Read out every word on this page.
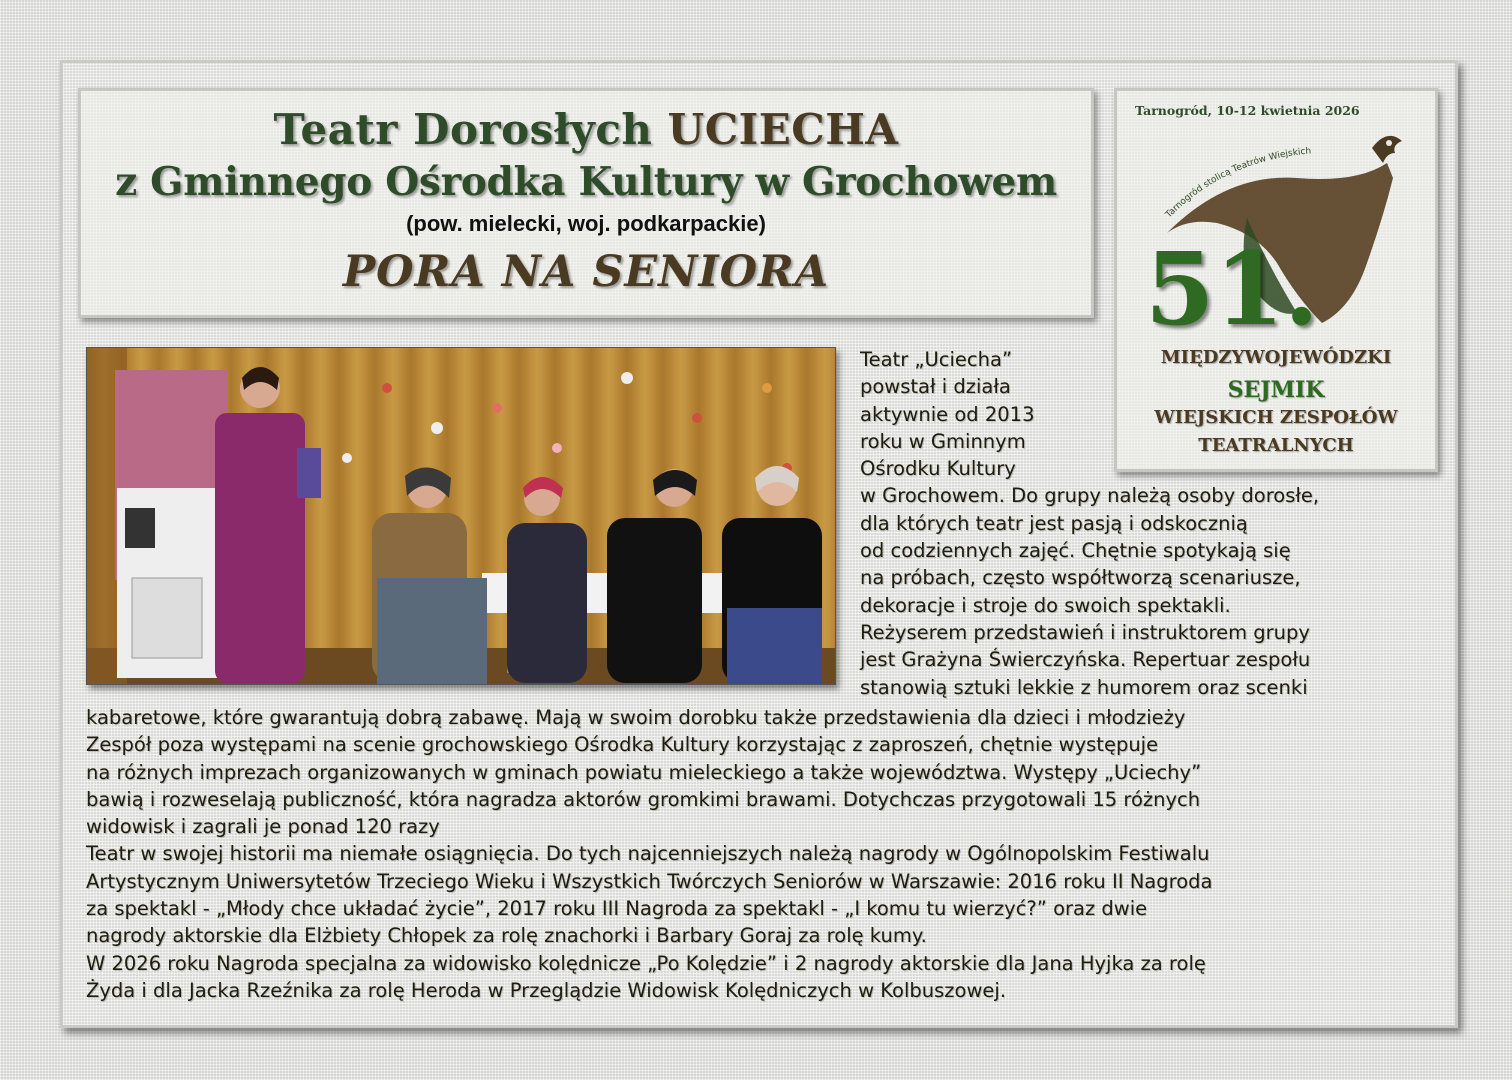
Teatr Dorosłych UCIECHA
z Gminnego Ośrodka Kultury w Grochowem
(pow. mielecki, woj. podkarpackie)
PORA NA SENIORA
Tarnogród, 10-12 kwietnia 2026
Tarnogród stolicą Teatrów Wiejskich
51.
MIĘDZYWOJEWÓDZKI
SEJMIK
WIEJSKICH ZESPOŁÓW
TEATRALNYCH
Teatr „Uciecha”
powstał i działa
aktywnie od 2013
roku w Gminnym
Ośrodku Kultury
w Grochowem. Do grupy należą osoby dorosłe,
dla których teatr jest pasją i odskocznią
od codziennych zajęć. Chętnie spotykają się
na próbach, często współtworzą scenariusze,
dekoracje i stroje do swoich spektakli.
Reżyserem przedstawień i instruktorem grupy
jest Grażyna Świerczyńska. Repertuar zespołu
stanowią sztuki lekkie z humorem oraz scenki
kabaretowe, które gwarantują dobrą zabawę. Mają w swoim dorobku także przedstawienia dla dzieci i młodzieży
Zespół poza występami na scenie grochowskiego Ośrodka Kultury korzystając z zaproszeń, chętnie występuje
na różnych imprezach organizowanych w gminach powiatu mieleckiego a także województwa. Występy „Uciechy”
bawią i rozweselają publiczność, która nagradza aktorów gromkimi brawami. Dotychczas przygotowali 15 różnych
widowisk i zagrali je ponad 120 razy
Teatr w swojej historii ma niemałe osiągnięcia. Do tych najcenniejszych należą nagrody w Ogólnopolskim Festiwalu
Artystycznym Uniwersytetów Trzeciego Wieku i Wszystkich Twórczych Seniorów w Warszawie: 2016 roku II Nagroda
za spektakl - „Młody chce układać życie”, 2017 roku III Nagroda za spektakl - „I komu tu wierzyć?” oraz dwie
nagrody aktorskie dla Elżbiety Chłopek za rolę znachorki i Barbary Goraj za rolę kumy.
W 2026 roku Nagroda specjalna za widowisko kolędnicze „Po Kolędzie” i 2 nagrody aktorskie dla Jana Hyjka za rolę
Żyda i dla Jacka Rzeźnika za rolę Heroda w Przeglądzie Widowisk Kolędniczych w Kolbuszowej.
